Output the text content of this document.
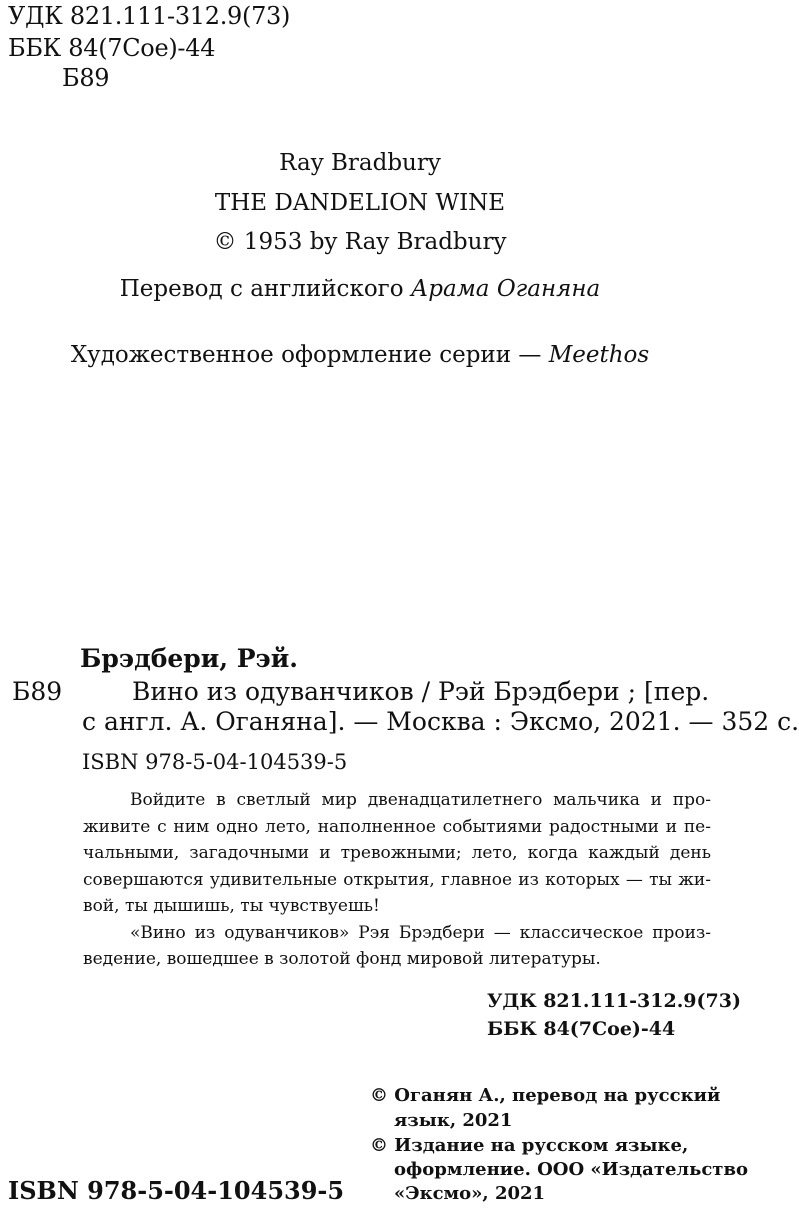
УДК 821.111-312.9(73)
ББК 84(7Сое)-44
Б89
Ray Bradbury
THE DANDELION WINE
© 1953 by Ray Bradbury
Перевод с английского Арама Оганяна
Художественное оформление серии — Meethos
Брэдбери, Рэй.
Б89	Вино из одуванчиков / Рэй Брэдбери ; [пер.
с англ. А. Оганяна]. — Москва : Эксмо, 2021. — 352 с.
ISBN 978-5-04-104539-5
Войдите в светлый мир двенадцатилетнего мальчика и про-
живите с ним одно лето, наполненное событиями радостными и пе-
чальными, загадочными и тревожными; лето, когда каждый день
совершаются удивительные открытия, главное из которых — ты жи-
вой, ты дышишь, ты чувствуешь!
«Вино из одуванчиков» Рэя Брэдбери — классическое произ-
ведение, вошедшее в золотой фонд мировой литературы.
УДК 821.111-312.9(73)
ББК 84(7Сое)-44
© Оганян А., перевод на русский
язык, 2021
© Издание на русском языке,
оформление. ООО «Издательство
«Эксмо», 2021
ISBN 978-5-04-104539-5
